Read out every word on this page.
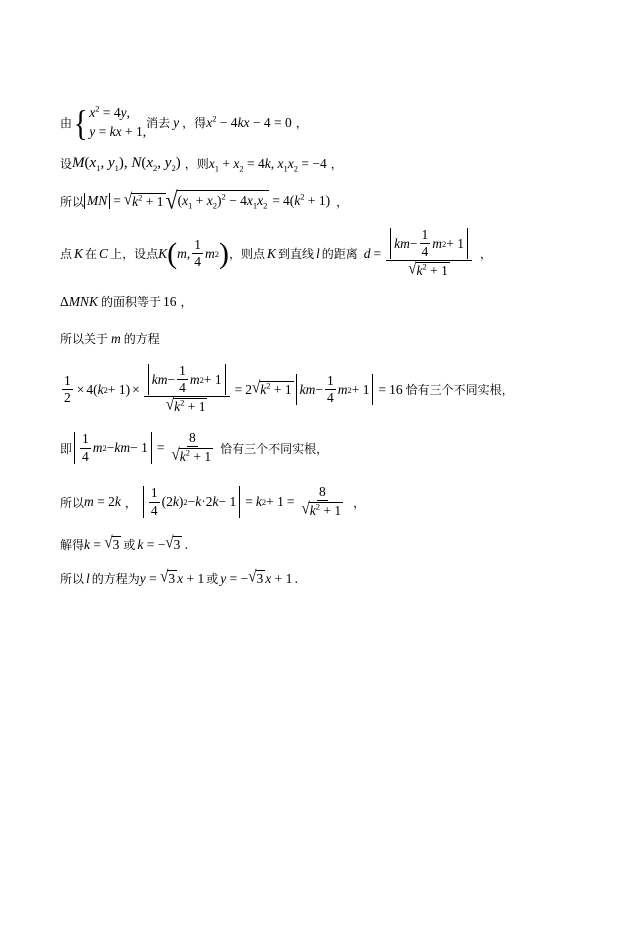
由 { $x^2 = 4y$,
y = kx + 1,
消去 y ，得 $x^2 - 4kx - 4 = 0$ ，
设 $M(x_1$, $y_1$), $N(x_2$, $y_2$) ，则 $x_1 + x_2 = 4k$, $x_1x_2 = -4$ ，
所以 MN = √ $k^2 + 1$ √ $(x_1 + x_2)^2 - 4x_1x_2 = 4(k^2 + 1)$ ，
点 K 在 C 上，设点 K ( m , $\frac{1}{4}$ m 2 ) ，则点 K 到直线 l 的距离 $d = \frac{km - \frac{1}{4} m 2 + 1}{√ k^2 + 1}$ ，
ΔMNK 的面积等于 16 ，
所以关于 m 的方程
$\frac{1}{2} \times 4$( k $2 + 1) \times \frac{km - \frac{1}{4} m 2 + 1}{√ k^2 + 1} = 2$ √ $k^2 + 1$ km − $\frac{1}{4}$ m 2 + 1 = 16 恰有三个不同实根，
即 $\frac{1}{4}$ m 2 − km − $1 = \frac{8}{√ k^2 + 1}$ 恰有三个不同实根，
所以 m = 2k ， $\frac{1}{4} (2$ k ) 2 − k ·2 k − 1 = k $2 + 1 = \frac{8}{√ k^2 + 1}$ ，
解得 k = √ 3 或 k = − √ 3 .
所以 l 的方程为 y = √ 3 x + 1 或 y = − √ 3 x + 1 .
